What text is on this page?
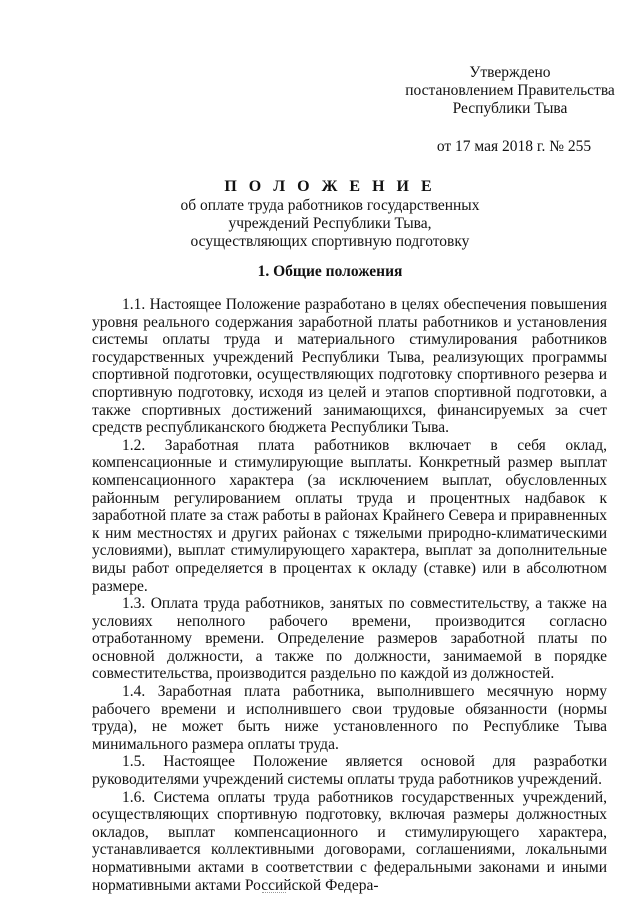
Утверждено
постановлением Правительства
Республики Тыва
от 17 мая 2018 г. № 255
П О Л О Ж Е Н И Е
об оплате труда работников государственных
учреждений Республики Тыва,
осуществляющих спортивную подготовку
1. Общие положения

1.1. Настоящее Положение разработано в целях обеспечения повышения уровня реального содержания заработной платы работников и установления системы оплаты труда и материального стимулирования работников государственных учреждений Республики Тыва, реализующих программы спортивной подготовки, осуществляющих подготовку спортивного резерва и спортивную подготовку, исходя из целей и этапов спортивной подготовки, а также спортивных достижений занимающихся, финансируемых за счет средств республиканского бюджета Республики Тыва.

1.2. Заработная плата работников включает в себя оклад, компенсационные и стимулирующие выплаты. Конкретный размер выплат компенсационного характера (за исключением выплат, обусловленных районным регулированием оплаты труда и процентных надбавок к заработной плате за стаж работы в районах Крайнего Севера и приравненных к ним местностях и других районах с тяжелыми природно-климатическими условиями), выплат стимулирующего характера, выплат за дополнительные виды работ определяется в процентах к окладу (ставке) или в абсолютном размере.

1.3. Оплата труда работников, занятых по совместительству, а также на условиях неполного рабочего времени, производится согласно отработанному времени. Определение размеров заработной платы по основной должности, а также по должности, занимаемой в порядке совместительства, производится раздельно по каждой из должностей.

1.4. Заработная плата работника, выполнившего месячную норму рабочего времени и исполнившего свои трудовые обязанности (нормы труда), не может быть ниже установленного по Республике Тыва минимального размера оплаты труда.

1.5. Настоящее Положение является основой для разработки руководителями учреждений системы оплаты труда работников учреждений.

1.6. Система оплаты труда работников государственных учреждений, осуществляющих спортивную подготовку, включая размеры должностных окладов, выплат компенсационного и стимулирующего характера, устанавливается коллективными договорами, соглашениями, локальными нормативными актами в соответствии с федеральными законами и иными нормативными актами Российской Федера-
